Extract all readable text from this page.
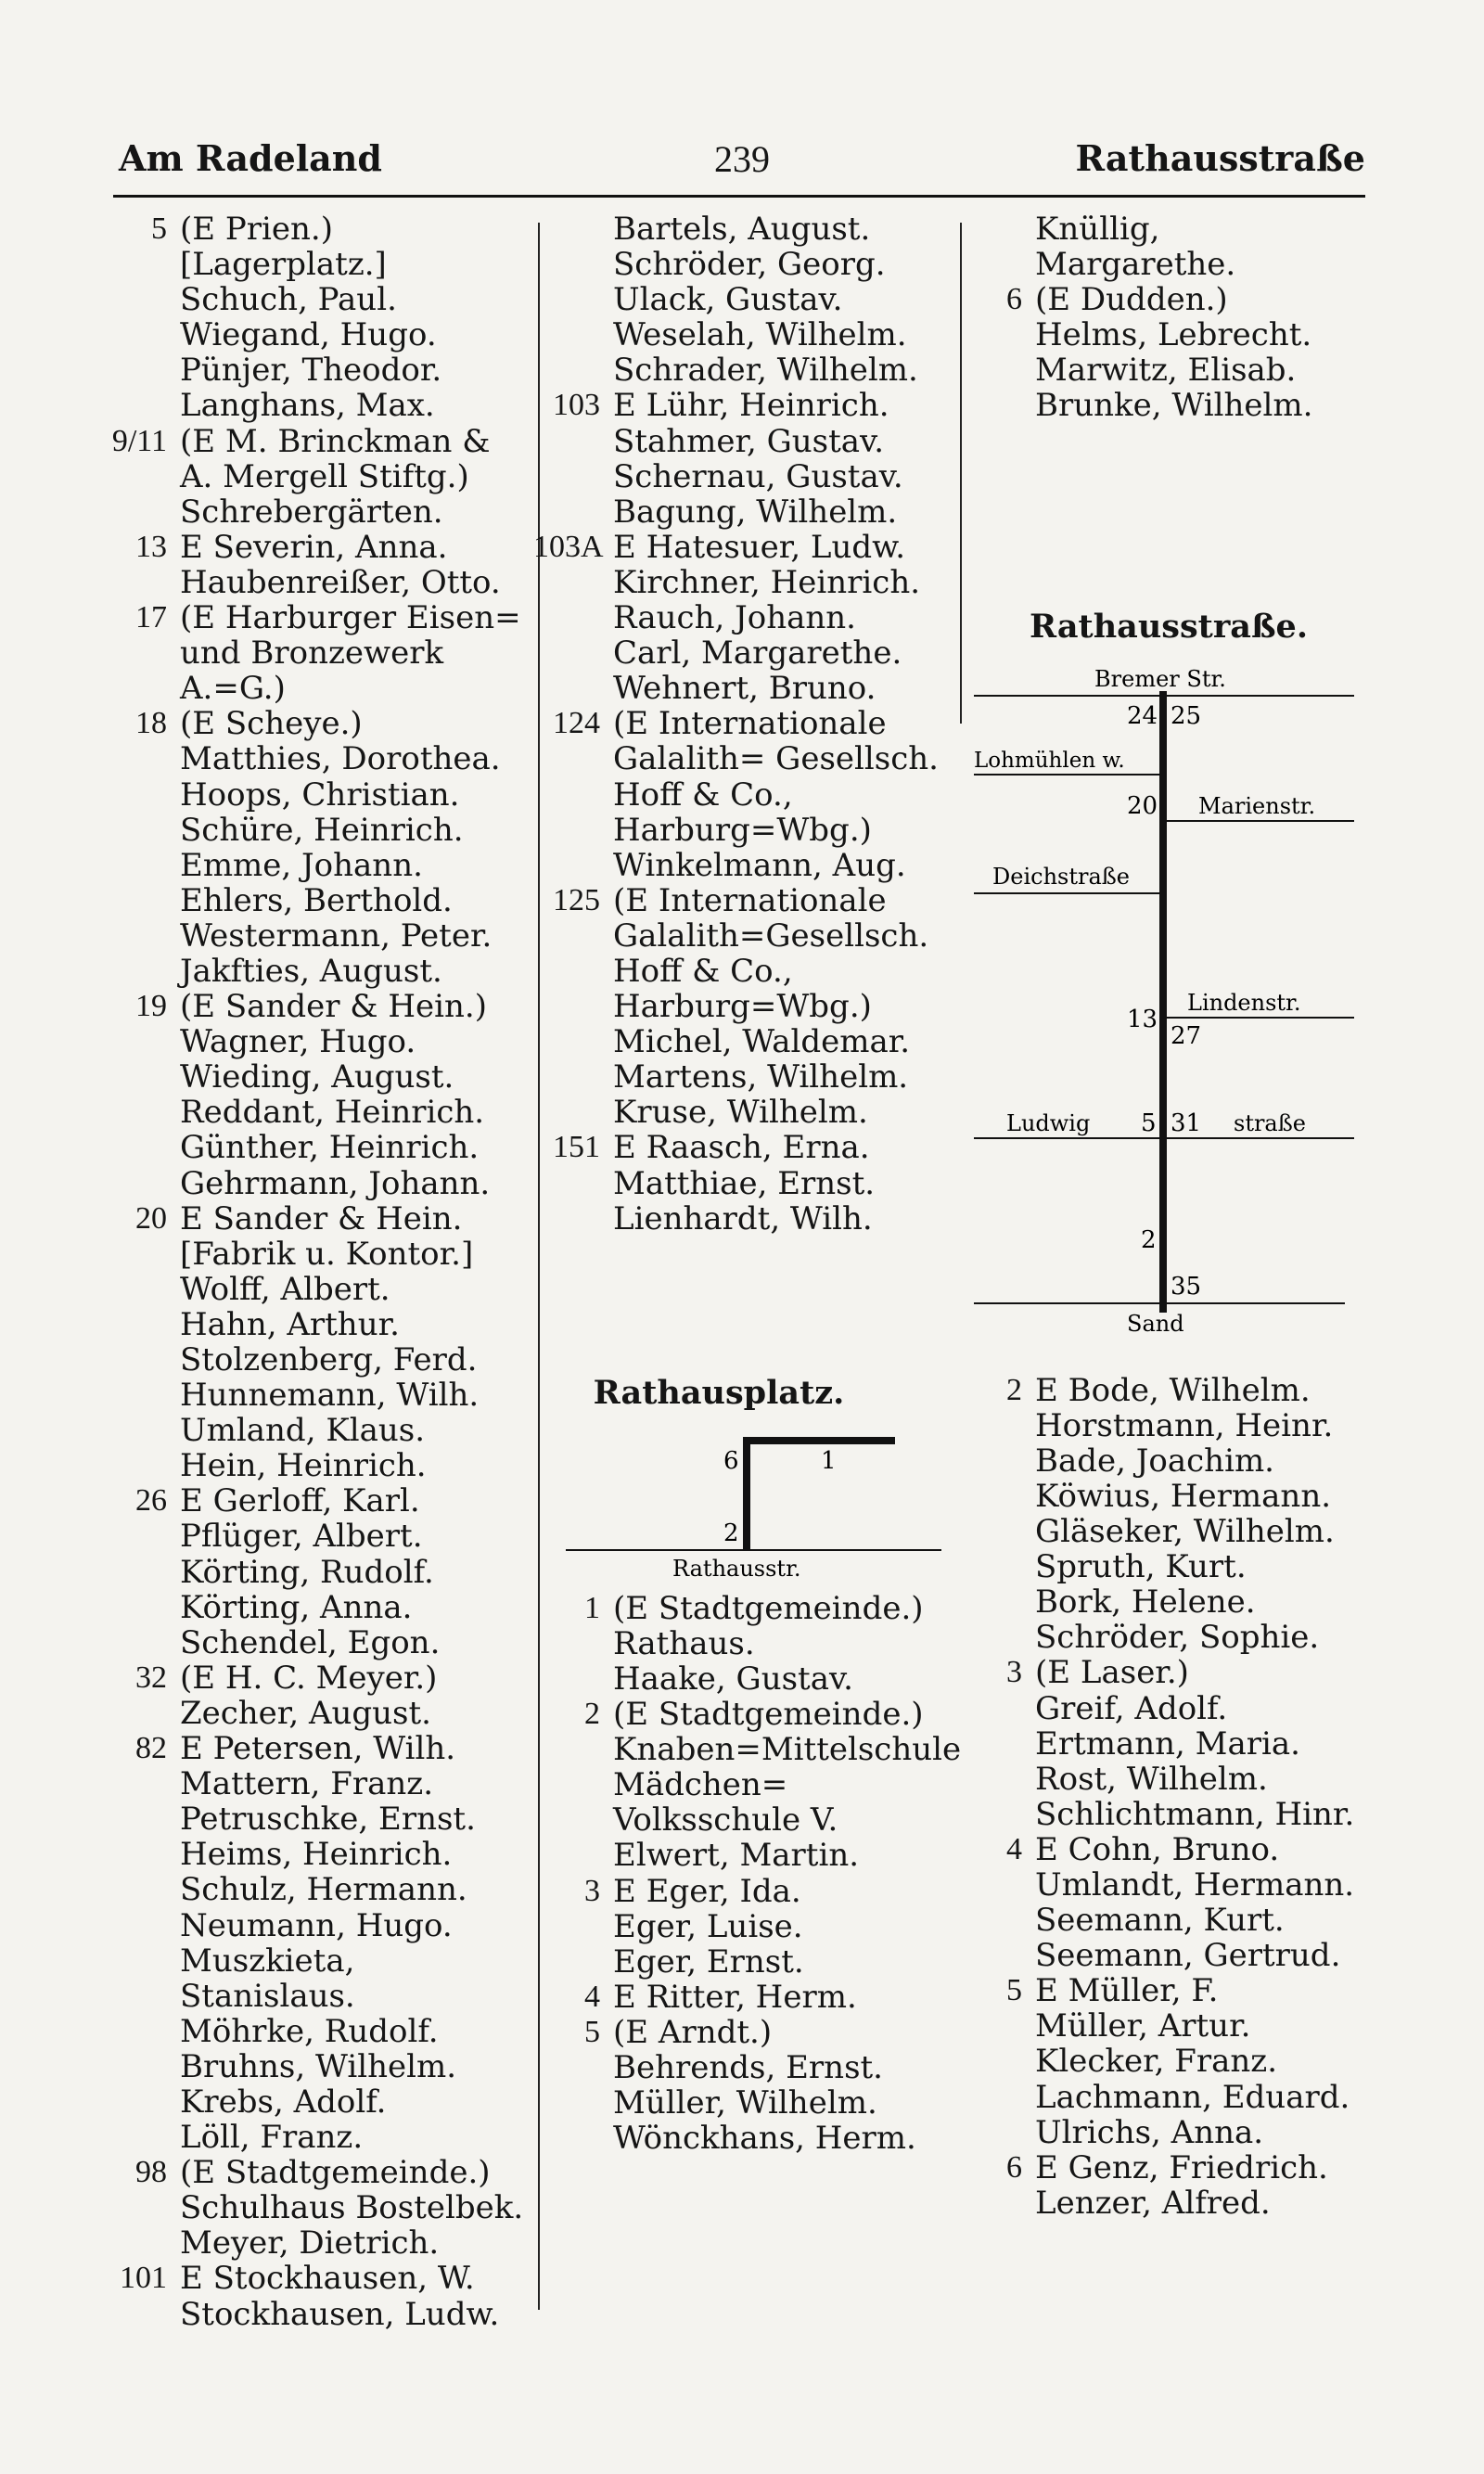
Am Radeland	239	Rathausstraße
5 (E Prien.)
[Lagerplatz.]
Schuch, Paul.
Wiegand, Hugo.
Pünjer, Theodor.
Langhans, Max.
9/11 (E M. Brinckman &
A. Mergell Stiftg.)
Schrebergärten.
13 E Severin, Anna.
Haubenreißer, Otto.
17 (E Harburger Eisen=
und Bronzewerk
A.=G.)
18 (E Scheye.)
Matthies, Dorothea.
Hoops, Christian.
Schüre, Heinrich.
Emme, Johann.
Ehlers, Berthold.
Westermann, Peter.
Jakfties, August.
19 (E Sander & Hein.)
Wagner, Hugo.
Wieding, August.
Reddant, Heinrich.
Günther, Heinrich.
Gehrmann, Johann.
20 E Sander & Hein.
[Fabrik u. Kontor.]
Wolff, Albert.
Hahn, Arthur.
Stolzenberg, Ferd.
Hunnemann, Wilh.
Umland, Klaus.
Hein, Heinrich.
26 E Gerloff, Karl.
Pflüger, Albert.
Körting, Rudolf.
Körting, Anna.
Schendel, Egon.
32 (E H. C. Meyer.)
Zecher, August.
82 E Petersen, Wilh.
Mattern, Franz.
Petruschke, Ernst.
Heims, Heinrich.
Schulz, Hermann.
Neumann, Hugo.
Muszkieta,
Stanislaus.
Möhrke, Rudolf.
Bruhns, Wilhelm.
Krebs, Adolf.
Löll, Franz.
98 (E Stadtgemeinde.)
Schulhaus Bostelbek.
Meyer, Dietrich.
101 E Stockhausen, W.
Stockhausen, Ludw.
Bartels, August.
Schröder, Georg.
Ulack, Gustav.
Weselah, Wilhelm.
Schrader, Wilhelm.
103 E Lühr, Heinrich.
Stahmer, Gustav.
Schernau, Gustav.
Bagung, Wilhelm.
103A E Hatesuer, Ludw.
Kirchner, Heinrich.
Rauch, Johann.
Carl, Margarethe.
Wehnert, Bruno.
124 (E Internationale
Galalith= Gesellsch.
Hoff & Co.,
Harburg=Wbg.)
Winkelmann, Aug.
125 (E Internationale
Galalith=Gesellsch.
Hoff & Co.,
Harburg=Wbg.)
Michel, Waldemar.
Martens, Wilhelm.
Kruse, Wilhelm.
151 E Raasch, Erna.
Matthiae, Ernst.
Lienhardt, Wilh.
Rathausplatz.
6	1
2
Rathausstr.
1 (E Stadtgemeinde.)
Rathaus.
Haake, Gustav.
2 (E Stadtgemeinde.)
Knaben=Mittelschule
Mädchen=
Volksschule V.
Elwert, Martin.
3 E Eger, Ida.
Eger, Luise.
Eger, Ernst.
4 E Ritter, Herm.
5 (E Arndt.)
Behrends, Ernst.
Müller, Wilhelm.
Wönckhans, Herm.
Knüllig,
Margarethe.
6 (E Dudden.)
Helms, Lebrecht.
Marwitz, Elisab.
Brunke, Wilhelm.
Rathausstraße.
Bremer Str.
Lohmühlen w.
Marienstr.
Deichstraße
Lindenstr.
Ludwig	straße
Sand
24 25
20
13
27
5 31
2
35
2 E Bode, Wilhelm.
Horstmann, Heinr.
Bade, Joachim.
Köwius, Hermann.
Gläseker, Wilhelm.
Spruth, Kurt.
Bork, Helene.
Schröder, Sophie.
3 (E Laser.)
Greif, Adolf.
Ertmann, Maria.
Rost, Wilhelm.
Schlichtmann, Hinr.
4 E Cohn, Bruno.
Umlandt, Hermann.
Seemann, Kurt.
Seemann, Gertrud.
5 E Müller, F.
Müller, Artur.
Klecker, Franz.
Lachmann, Eduard.
Ulrichs, Anna.
6 E Genz, Friedrich.
Lenzer, Alfred.
